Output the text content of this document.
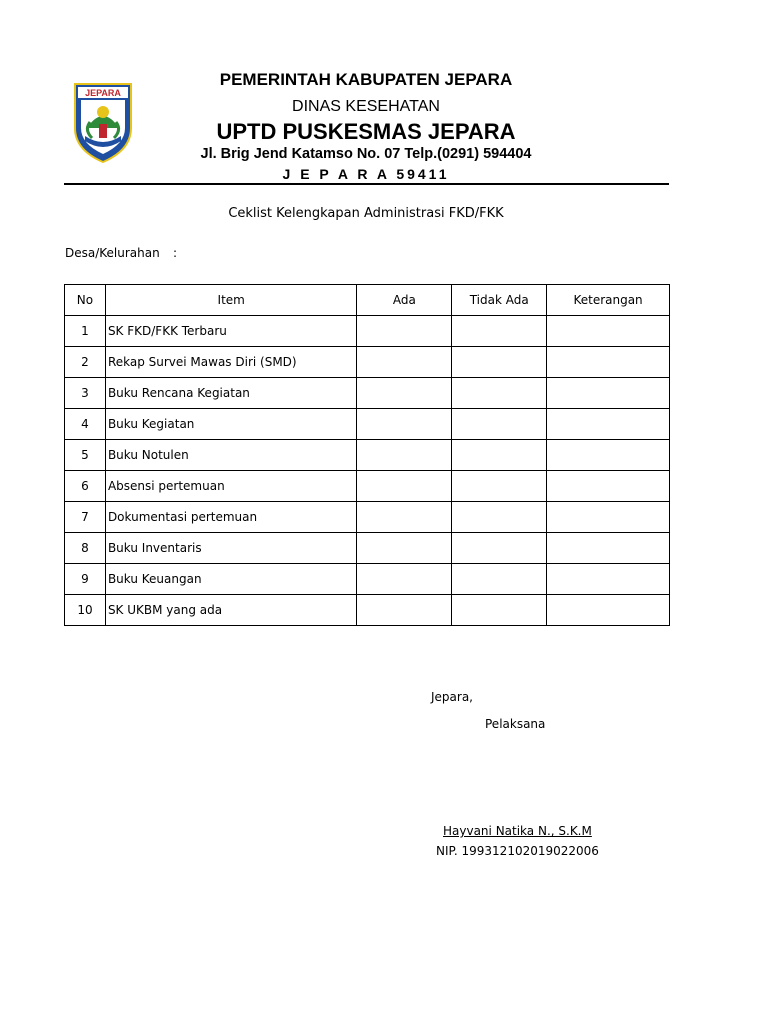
JEPARA
PEMERINTAH KABUPATEN JEPARA
DINAS KESEHATAN
UPTD PUSKESMAS JEPARA
Jl. Brig Jend Katamso No. 07 Telp.(0291) 594404
J E P A R A 59411
Ceklist Kelengkapan Administrasi FKD/FKK
Desa/Kelurahan :
No	Item	Ada	Tidak Ada	Keterangan
1	SK FKD/FKK Terbaru			
2	Rekap Survei Mawas Diri (SMD)			
3	Buku Rencana Kegiatan			
4	Buku Kegiatan			
5	Buku Notulen			
6	Absensi pertemuan			
7	Dokumentasi pertemuan			
8	Buku Inventaris			
9	Buku Keuangan			
10	SK UKBM yang ada			
Jepara,
Pelaksana
Hayvani Natika N., S.K.M
NIP. 199312102019022006
